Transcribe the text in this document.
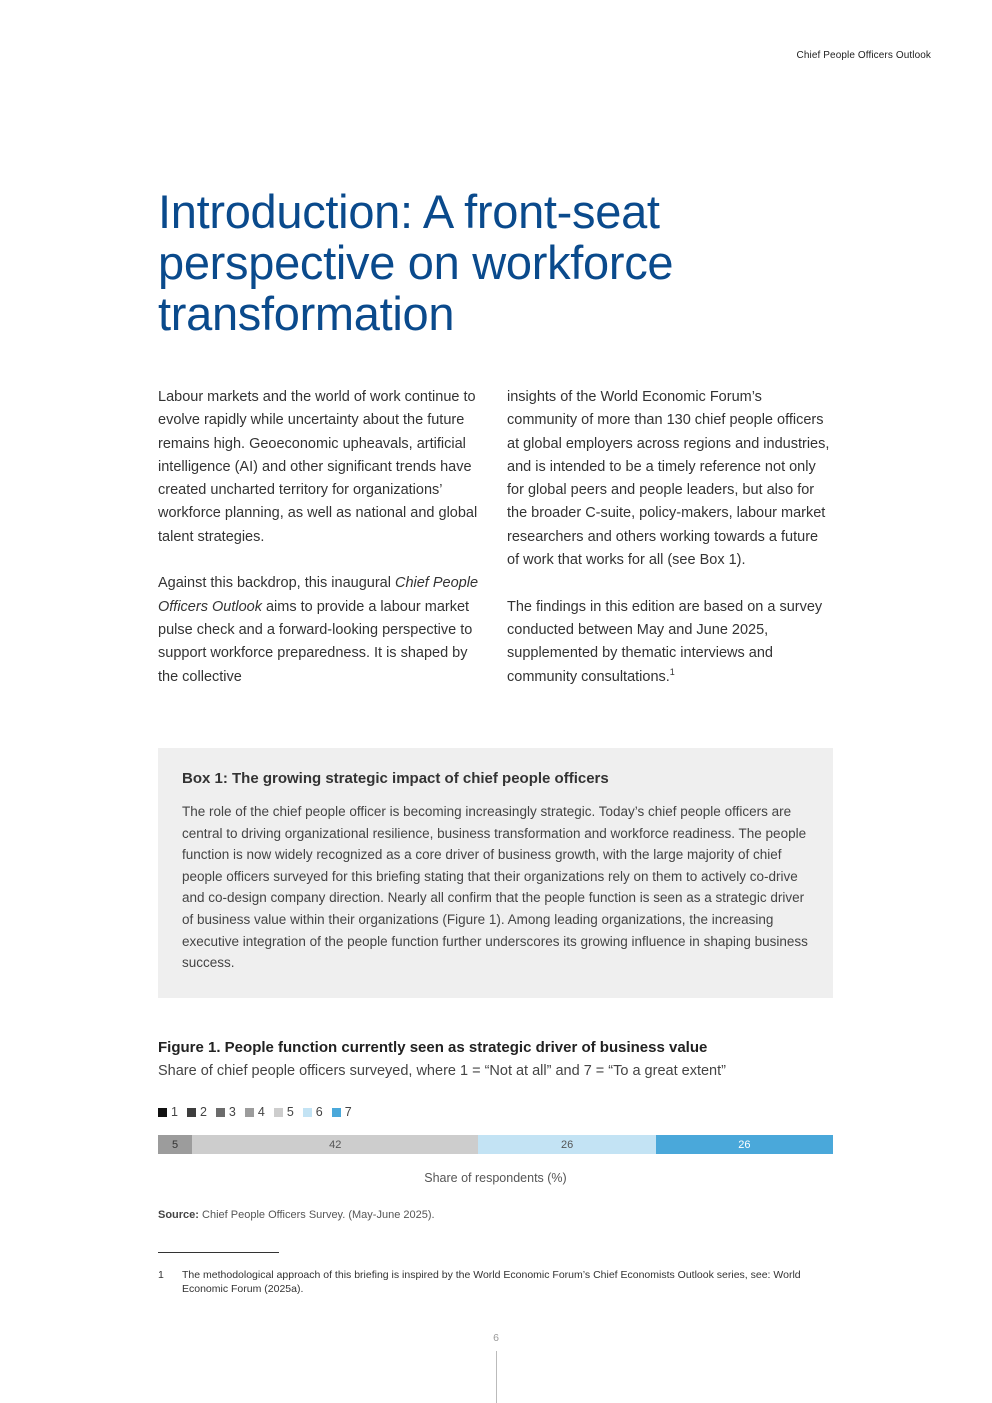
Chief People Officers Outlook
Introduction: A front-seat perspective on workforce transformation

Labour markets and the world of work continue to evolve rapidly while uncertainty about the future remains high. Geoeconomic upheavals, artificial intelligence (AI) and other significant trends have created uncharted territory for organizations’ workforce planning, as well as national and global talent strategies.

Against this backdrop, this inaugural Chief People Officers Outlook aims to provide a labour market pulse check and a forward-looking perspective to support workforce preparedness. It is shaped by the collective

insights of the World Economic Forum’s community of more than 130 chief people officers at global employers across regions and industries, and is intended to be a timely reference not only for global peers and people leaders, but also for the broader C-suite, policy-makers, labour market researchers and others working towards a future of work that works for all (see Box 1).

The findings in this edition are based on a survey conducted between May and June 2025, supplemented by thematic interviews and community consultations.$^1$

Box 1: The growing strategic impact of chief people officers

The role of the chief people officer is becoming increasingly strategic. Today’s chief people officers are central to driving organizational resilience, business transformation and workforce readiness. The people function is now widely recognized as a core driver of business growth, with the large majority of chief people officers surveyed for this briefing stating that their organizations rely on them to actively co-drive and co-design company direction. Nearly all confirm that the people function is seen as a strategic driver of business value within their organizations (Figure 1). Among leading organizations, the increasing executive integration of the people function further underscores its growing influence in shaping business success.

Figure 1. People function currently seen as strategic driver of business value

Share of chief people officers surveyed, where 1 = “Not at all” and 7 = “To a great extent”

1 2 3 4 5 6 7
5	42	26	26
Share of respondents (%)
Source: Chief People Officers Survey. (May-June 2025).
1 The methodological approach of this briefing is inspired by the World Economic Forum’s Chief Economists Outlook series, see: World Economic Forum (2025a).
6
